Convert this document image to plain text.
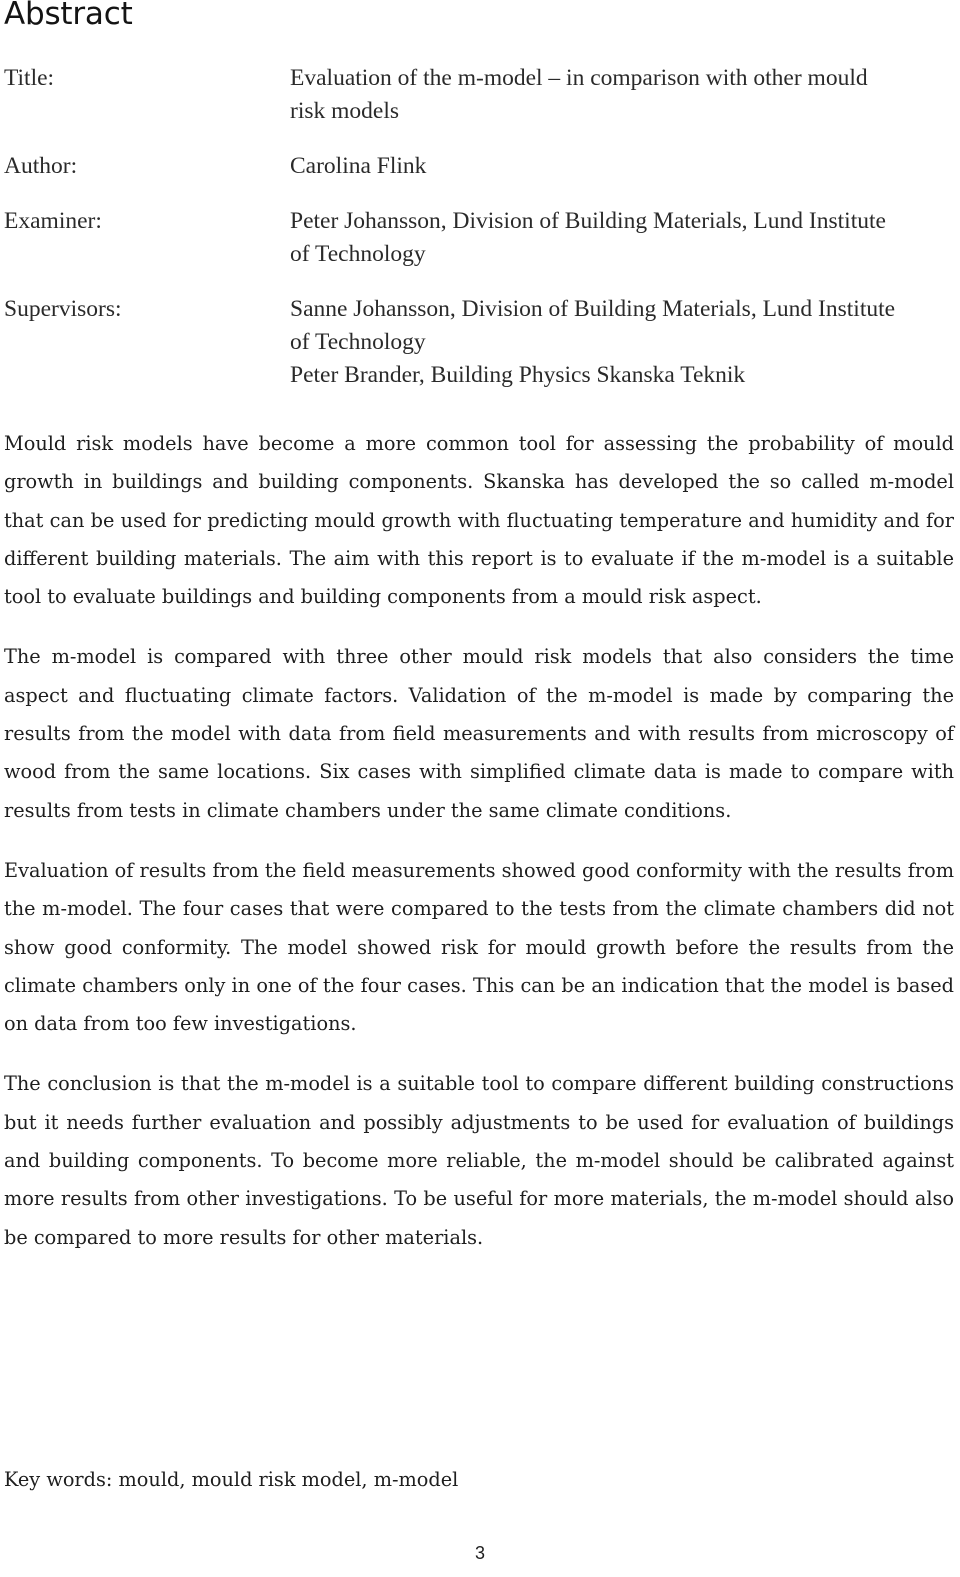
Abstract
Title:	Evaluation of the m-model – in comparison with other mould
risk models
Author:	Carolina Flink
Examiner:	Peter Johansson, Division of Building Materials, Lund Institute
of Technology
Supervisors:	Sanne Johansson, Division of Building Materials, Lund Institute
of Technology
Peter Brander, Building Physics Skanska Teknik

Mould risk models have become a more common tool for assessing the probability of mould growth in buildings and building components. Skanska has developed the so called m-model that can be used for predicting mould growth with fluctuating temperature and humidity and for different building materials. The aim with this report is to evaluate if the m-model is a suitable tool to evaluate buildings and building components from a mould risk aspect.

The m-model is compared with three other mould risk models that also considers the time aspect and fluctuating climate factors. Validation of the m-model is made by comparing the results from the model with data from field measurements and with results from microscopy of wood from the same locations. Six cases with simplified climate data is made to compare with results from tests in climate chambers under the same climate conditions.

Evaluation of results from the field measurements showed good conformity with the results from the m-model. The four cases that were compared to the tests from the climate chambers did not show good conformity. The model showed risk for mould growth before the results from the climate chambers only in one of the four cases. This can be an indication that the model is based on data from too few investigations.

The conclusion is that the m-model is a suitable tool to compare different building constructions but it needs further evaluation and possibly adjustments to be used for evaluation of buildings and building components. To become more reliable, the m-model should be calibrated against more results from other investigations. To be useful for more materials, the m-model should also be compared to more results for other materials.

Key words: mould, mould risk model, m-model

3
